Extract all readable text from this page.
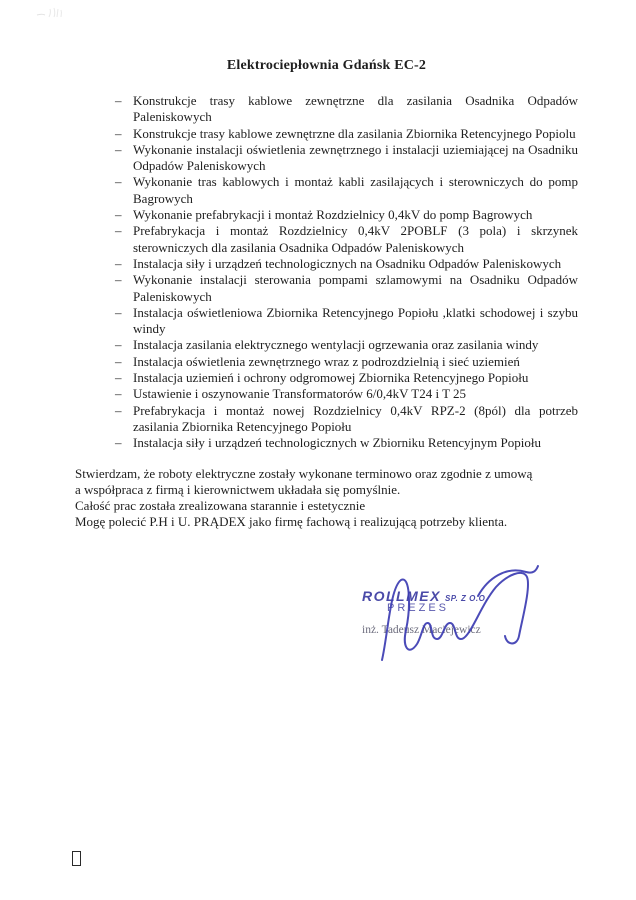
Elektrociepłownia Gdańsk EC-2
– Konstrukcje trasy kablowe zewnętrzne dla zasilania Osadnika Odpadów Paleniskowych
– Konstrukcje trasy kablowe zewnętrzne dla zasilania Zbiornika Retencyjnego Popiolu
– Wykonanie instalacji oświetlenia zewnętrznego i instalacji uziemiającej na Osadniku Odpadów Paleniskowych
– Wykonanie tras kablowych i montaż kabli zasilających i sterowniczych do pomp Bagrowych
– Wykonanie prefabrykacji i montaż Rozdzielnicy 0,4kV do pomp Bagrowych
– Prefabrykacja i montaż Rozdzielnicy 0,4kV 2POBLF (3 pola) i skrzynek sterowniczych dla zasilania Osadnika Odpadów Paleniskowych
– Instalacja siły i urządzeń technologicznych na Osadniku Odpadów Paleniskowych
– Wykonanie instalacji sterowania pompami szlamowymi na Osadniku Odpadów Paleniskowych
– Instalacja oświetleniowa Zbiornika Retencyjnego Popiołu ,klatki schodowej i szybu windy
– Instalacja zasilania elektrycznego wentylacji ogrzewania oraz zasilania windy
– Instalacja oświetlenia zewnętrznego wraz z podrozdzielnią i sieć uziemień
– Instalacja uziemień i ochrony odgromowej Zbiornika Retencyjnego Popiołu
– Ustawienie i oszynowanie Transformatorów 6/0,4kV T24 i T 25
– Prefabrykacja i montaż nowej Rozdzielnicy 0,4kV RPZ-2 (8pól) dla potrzeb zasilania Zbiornika Retencyjnego Popiołu
– Instalacja siły i urządzeń technologicznych w Zbiorniku Retencyjnym Popiołu
Stwierdzam, że roboty elektryczne zostały wykonane terminowo oraz zgodnie z umową
a współpraca z firmą i kierownictwem układała się pomyślnie.
Całość prac została zrealizowana starannie i estetycznie
Mogę polecić P.H i U. PRĄDEX jako firmę fachową i realizującą potrzeby klienta.
ROLLMEX SP. Z O.O.
PREZES
inż. Tadeusz Maciejewicz
